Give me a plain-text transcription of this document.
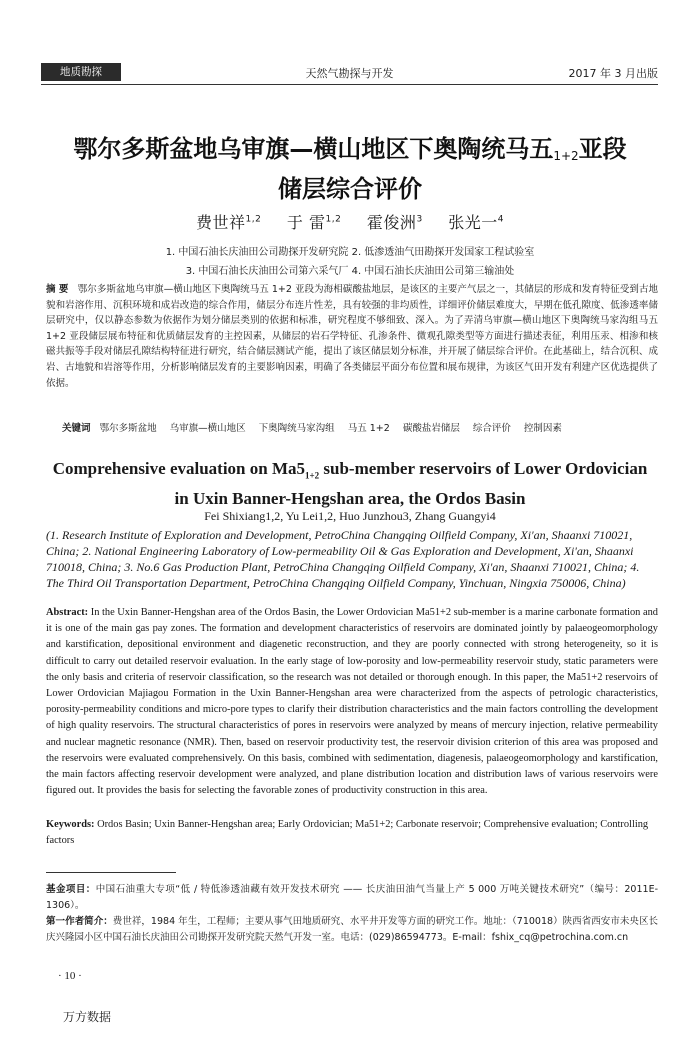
地质勘探	天然气勘探与开发	2017 年 3 月出版
鄂尔多斯盆地乌审旗—横山地区下奥陶统马五$_{1+2}$亚段
储层综合评价
费世祥$^{1,2}$ 于 雷$^{1,2}$ 霍俊洲$^3$ 张光一$^4$
1. 中国石油长庆油田公司勘探开发研究院 2. 低渗透油气田勘探开发国家工程试验室
3. 中国石油长庆油田公司第六采气厂 4. 中国石油长庆油田公司第三输油处
摘 要 鄂尔多斯盆地乌审旗—横山地区下奥陶统马五 1+2 亚段为海相碳酸盐地层，是该区的主要产气层之一，其储层的形成和发育特征受到古地貌和岩溶作用、沉积环境和成岩改造的综合作用，储层分布连片性差，具有较强的非均质性，详细评价储层难度大，早期在低孔隙度、低渗透率储层研究中，仅以静态参数为依据作为划分储层类别的依据和标准，研究程度不够细致、深入。为了弄清乌审旗—横山地区下奥陶统马家沟组马五 1+2 亚段储层展布特征和优质储层发育的主控因素，从储层的岩石学特征、孔渗条件、微观孔隙类型等方面进行描述表征，利用压汞、相渗和核磁共振等手段对储层孔隙结构特征进行研究，结合储层测试产能，提出了该区储层划分标准，并开展了储层综合评价。在此基础上，结合沉积、成岩、古地貌和岩溶等作用，分析影响储层发育的主要影响因素，明确了各类储层平面分布位置和展布规律，为该区气田开发有利建产区优选提供了依据。
关键词 鄂尔多斯盆地 乌审旗—横山地区 下奥陶统马家沟组 马五 1+2 碳酸盐岩储层 综合评价 控制因素
Comprehensive evaluation on $Ma5_{1+2}$ sub-member reservoirs of Lower Ordovician
in Uxin Banner-Hengshan area, the Ordos Basin
Fei Shixiang1,2, Yu Lei1,2, Huo Junzhou3, Zhang Guangyi4
(1. Research Institute of Exploration and Development, PetroChina Changqing Oilfield Company, Xi'an, Shaanxi 710021, China; 2. National Engineering Laboratory of Low-permeability Oil & Gas Exploration and Development, Xi'an, Shaanxi 710018, China; 3. No.6 Gas Production Plant, PetroChina Changqing Oilfield Company, Xi'an, Shaanxi 710021, China; 4. The Third Oil Transportation Department, PetroChina Changqing Oilfield Company, Yinchuan, Ningxia 750006, China)
Abstract: In the Uxin Banner-Hengshan area of the Ordos Basin, the Lower Ordovician Ma51+2 sub-member is a marine carbonate formation and it is one of the main gas pay zones. The formation and development characteristics of reservoirs are dominated jointly by palaeogeomorphology and karstification, depositional environment and diagenetic reconstruction, and they are poorly connected with strong heterogeneity, so it is difficult to carry out detailed reservoir evaluation. In the early stage of low-porosity and low-permeability reservoir study, static parameters were the only basis and criteria of reservoir classification, so the research was not detailed or thorough enough. In this paper, the Ma51+2 reservoirs of Lower Ordovician Majiagou Formation in the Uxin Banner-Hengshan area were characterized from the aspects of petrologic characteristics, porosity-permeability conditions and micro-pore types to clarify their distribution characteristics and the main factors controlling the development of high quality reservoirs. The structural characteristics of pores in reservoirs were analyzed by means of mercury injection, relative permeability and nuclear magnetic resonance (NMR). Then, based on reservoir productivity test, the reservoir division criterion of this area was proposed and the reservoirs were evaluated comprehensively. On this basis, combined with sedimentation, diagenesis, palaeogeomorphology and karstification, the main factors affecting reservoir development were analyzed, and plane distribution location and distribution laws of various reservoirs were figured out. It provides the basis for selecting the favorable zones of productivity construction in this area.
Keywords: Ordos Basin; Uxin Banner-Hengshan area; Early Ordovician; Ma51+2; Carbonate reservoir; Comprehensive evaluation; Controlling factors
基金项目：中国石油重大专项“低 / 特低渗透油藏有效开发技术研究 —— 长庆油田油气当量上产 5 000 万吨关键技术研究”（编号：2011E-1306）。
第一作者简介：费世祥，1984 年生，工程师；主要从事气田地质研究、水平井开发等方面的研究工作。地址：（710018）陕西省西安市未央区长庆兴隆园小区中国石油长庆油田公司勘探开发研究院天然气开发一室。电话：(029)86594773。E-mail：fshix_cq@petrochina.com.cn
· 10 ·
万方数据
